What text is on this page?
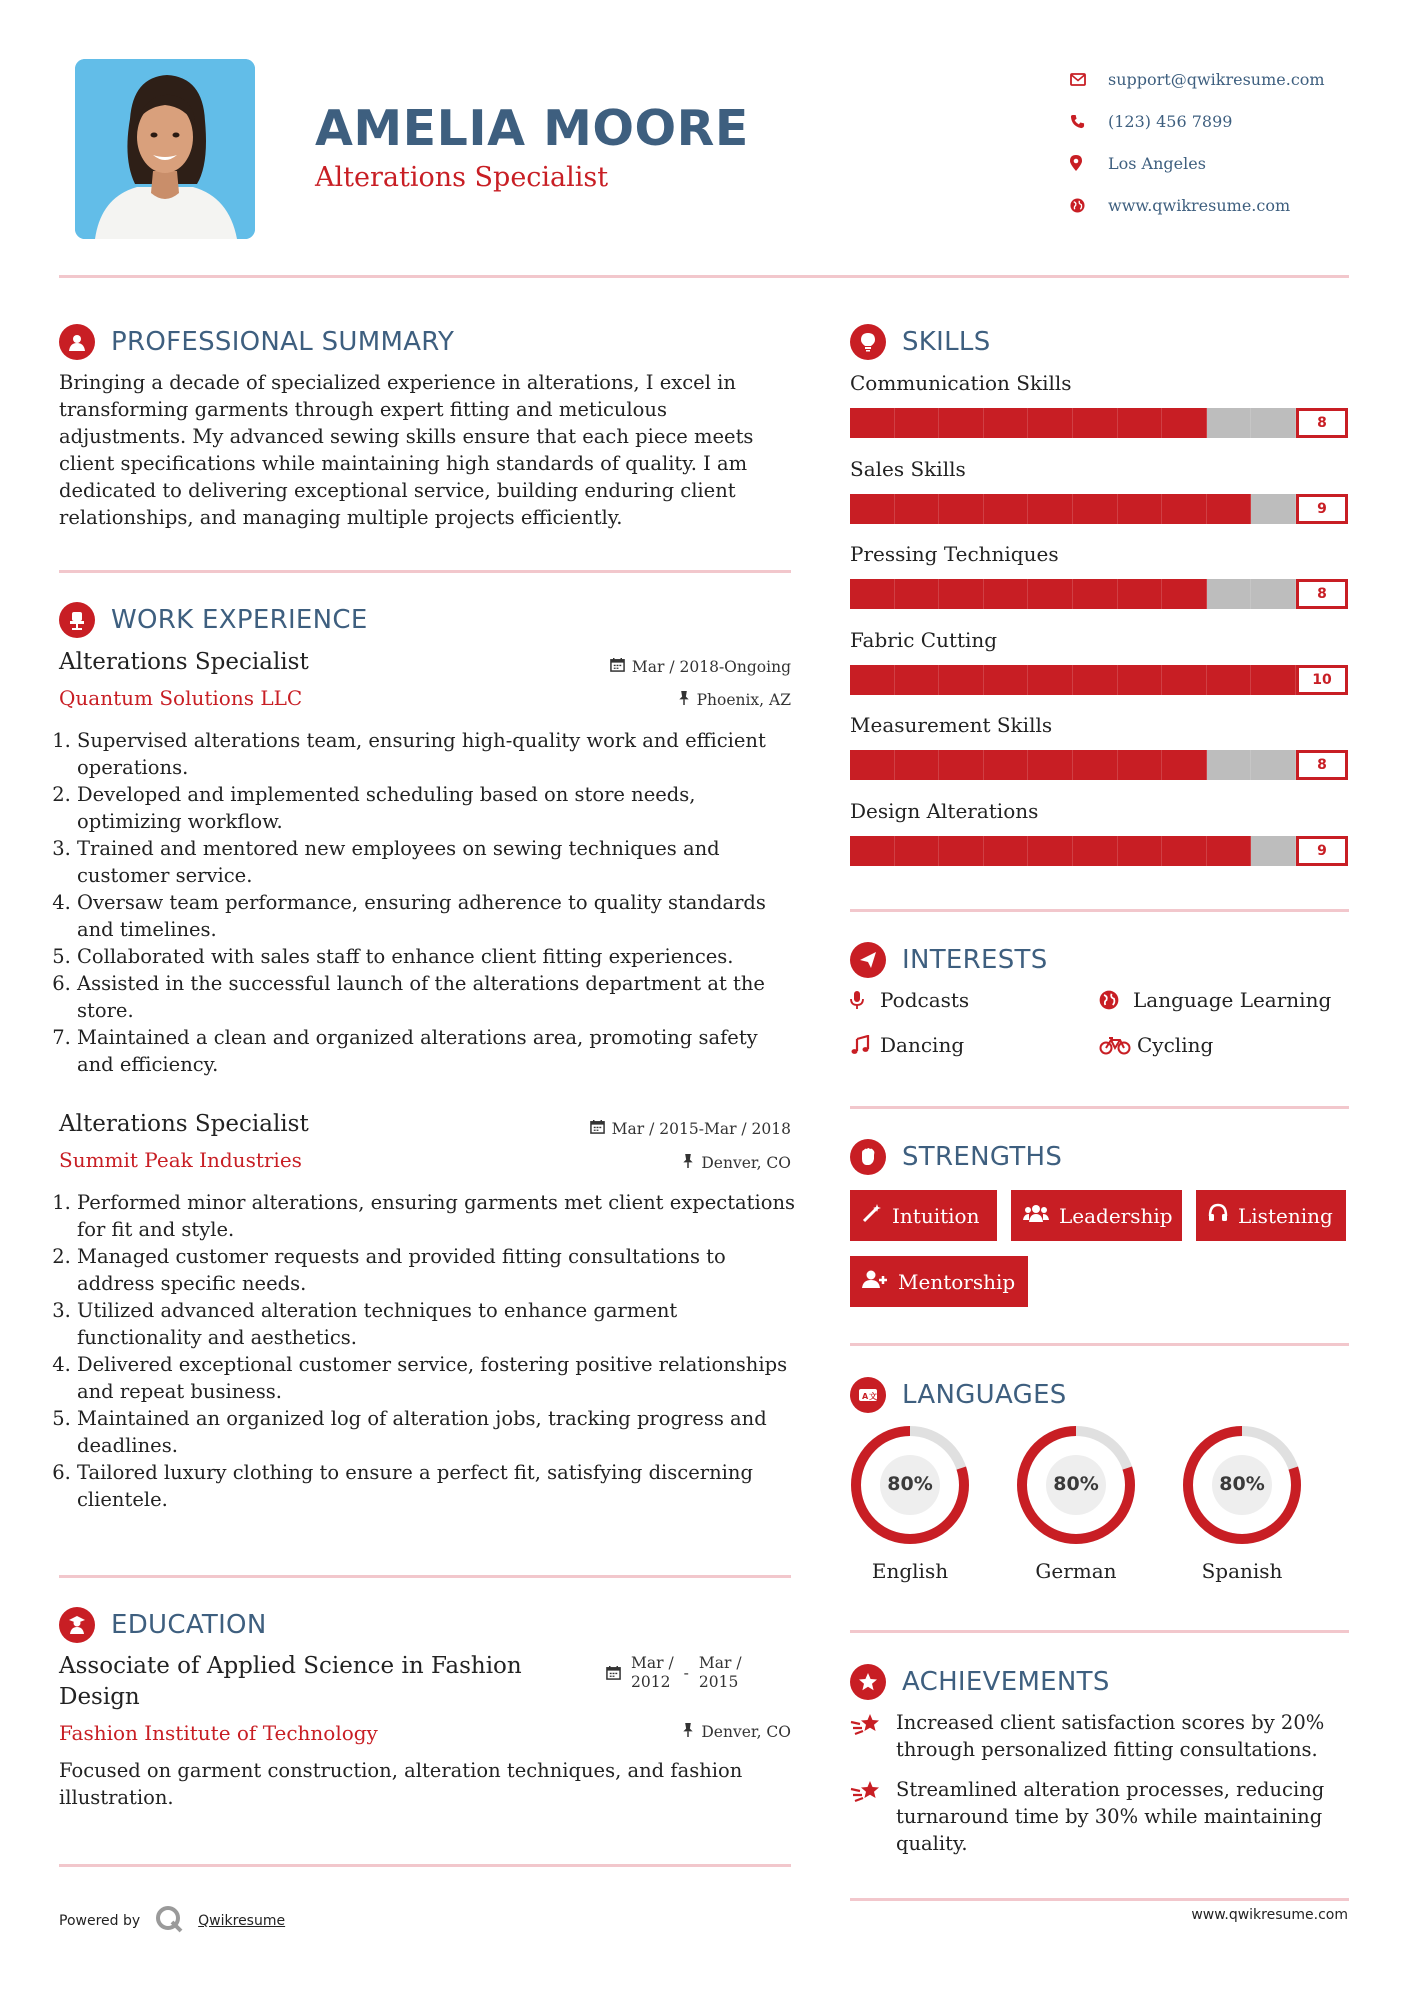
AMELIA MOORE
Alterations Specialist
support@qwikresume.com
(123) 456 7899
Los Angeles
www.qwikresume.com
PROFESSIONAL SUMMARY
Bringing a decade of specialized experience in alterations, I excel in transforming garments through expert fitting and meticulous adjustments. My advanced sewing skills ensure that each piece meets client specifications while maintaining high standards of quality. I am dedicated to delivering exceptional service, building enduring client relationships, and managing multiple projects efficiently.
WORK EXPERIENCE
Alterations Specialist	Mar / 2018-Ongoing
Quantum Solutions LLC	Phoenix, AZ
1. Supervised alterations team, ensuring high-quality work and efficient operations.
2. Developed and implemented scheduling based on store needs, optimizing workflow.
3. Trained and mentored new employees on sewing techniques and customer service.
4. Oversaw team performance, ensuring adherence to quality standards and timelines.
5. Collaborated with sales staff to enhance client fitting experiences.
6. Assisted in the successful launch of the alterations department at the store.
7. Maintained a clean and organized alterations area, promoting safety and efficiency.
Alterations Specialist	Mar / 2015-Mar / 2018
Summit Peak Industries	Denver, CO
1. Performed minor alterations, ensuring garments met client expectations for fit and style.
2. Managed customer requests and provided fitting consultations to address specific needs.
3. Utilized advanced alteration techniques to enhance garment functionality and aesthetics.
4. Delivered exceptional customer service, fostering positive relationships and repeat business.
5. Maintained an organized log of alteration jobs, tracking progress and deadlines.
6. Tailored luxury clothing to ensure a perfect fit, satisfying discerning clientele.
EDUCATION
Associate of Applied Science in Fashion
Design
Mar /
2012 -
Mar /
2015
Fashion Institute of Technology	Denver, CO
Focused on garment construction, alteration techniques, and fashion illustration.
Powered by	Qwikresume
SKILLS
Communication Skills
8
Sales Skills
9
Pressing Techniques
8
Fabric Cutting
10
Measurement Skills
8
Design Alterations
9
INTERESTS
Podcasts	Language Learning
Dancing	Cycling
STRENGTHS
Intuition	Leadership	Listening
Mentorship
A 文 LANGUAGES
80%
English
80%
German
80%
Spanish
ACHIEVEMENTS
Increased client satisfaction scores by 20% through personalized fitting consultations.
Streamlined alteration processes, reducing turnaround time by 30% while maintaining quality.
www.qwikresume.com
